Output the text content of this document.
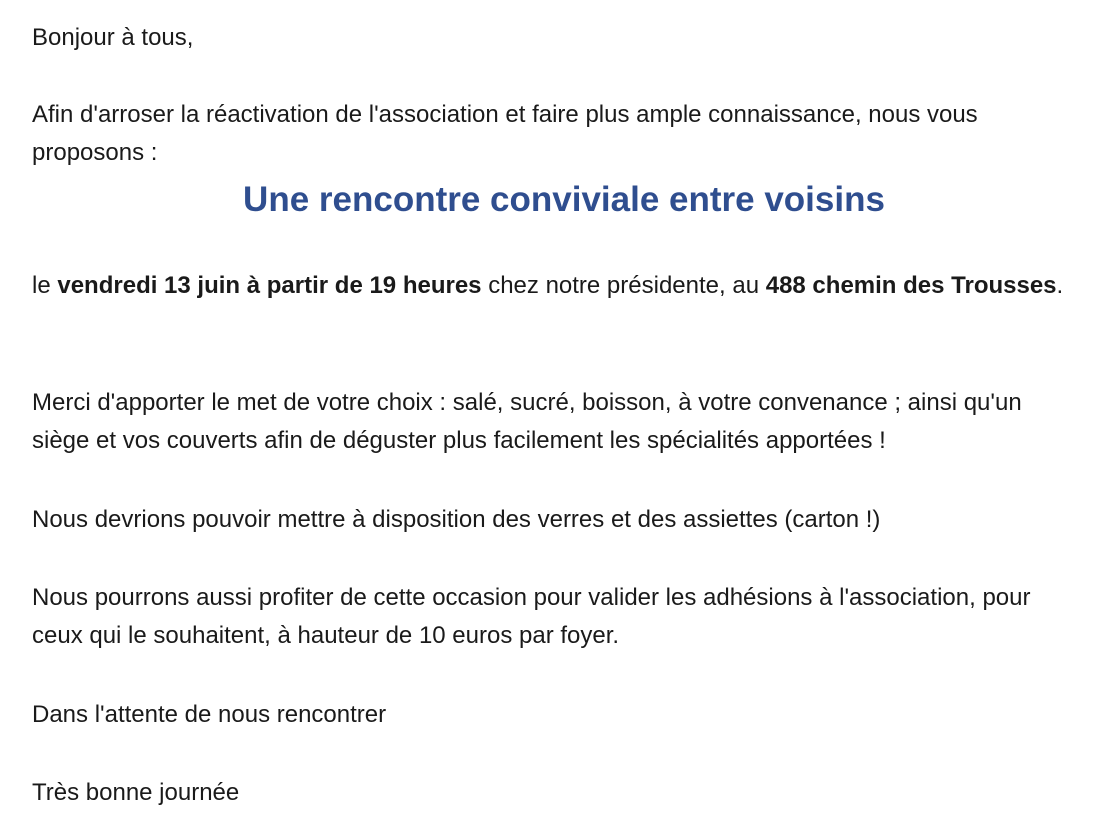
Bonjour à tous,

Afin d'arroser la réactivation de l'association et faire plus ample connaissance, nous vous proposons :

Une rencontre conviviale entre voisins

le vendredi 13 juin à partir de 19 heures chez notre présidente, au 488 chemin des Trousses.

Merci d'apporter le met de votre choix : salé, sucré, boisson, à votre convenance ; ainsi qu'un siège et vos couverts afin de déguster plus facilement les spécialités apportées !

Nous devrions pouvoir mettre à disposition des verres et des assiettes (carton !)

Nous pourrons aussi profiter de cette occasion pour valider les adhésions à l'association, pour ceux qui le souhaitent, à hauteur de 10 euros par foyer.

Dans l'attente de nous rencontrer

Très bonne journée
